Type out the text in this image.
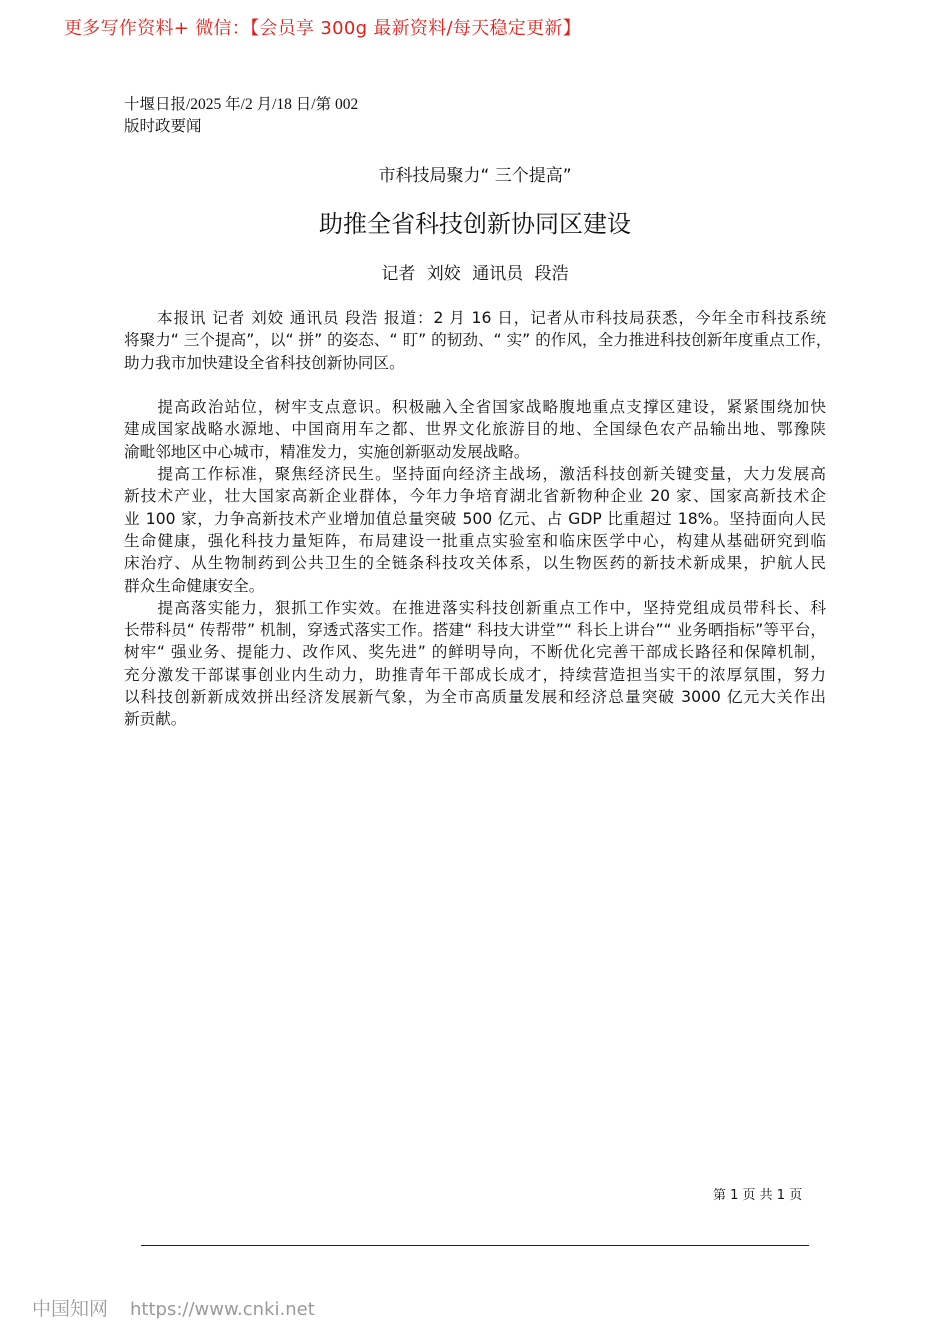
更多写作资料+ 微信：【会员享 300g 最新资料/每天稳定更新】
十堰日报/2025 年/2 月/18 日/第 002
版时政要闻
市科技局聚力“ 三个提高”
助推全省科技创新协同区建设
记者 刘姣 通讯员 段浩
　　本报讯 记者 刘姣 通讯员 段浩 报道：2 月 16 日，记者从市科技局获悉，今年全市科技系统
将聚力“ 三个提高”，以“ 拼” 的姿态、“ 盯” 的韧劲、“ 实” 的作风，全力推进科技创新年度重点工作，
助力我市加快建设全省科技创新协同区。
　　提高政治站位，树牢支点意识。积极融入全省国家战略腹地重点支撑区建设，紧紧围绕加快
建成国家战略水源地、中国商用车之都、世界文化旅游目的地、全国绿色农产品输出地、鄂豫陕
渝毗邻地区中心城市，精准发力，实施创新驱动发展战略。
　　提高工作标准，聚焦经济民生。坚持面向经济主战场，激活科技创新关键变量，大力发展高
新技术产业，壮大国家高新企业群体，今年力争培育湖北省新物种企业 20 家、国家高新技术企
业 100 家，力争高新技术产业增加值总量突破 500 亿元、占 GDP 比重超过 18%。坚持面向人民
生命健康，强化科技力量矩阵，布局建设一批重点实验室和临床医学中心，构建从基础研究到临
床治疗、从生物制药到公共卫生的全链条科技攻关体系，以生物医药的新技术新成果，护航人民
群众生命健康安全。
　　提高落实能力，狠抓工作实效。在推进落实科技创新重点工作中，坚持党组成员带科长、科
长带科员“ 传帮带” 机制，穿透式落实工作。搭建“ 科技大讲堂”“ 科长上讲台”“ 业务晒指标”等平台，
树牢“ 强业务、提能力、改作风、奖先进” 的鲜明导向，不断优化完善干部成长路径和保障机制，
充分激发干部谋事创业内生动力，助推青年干部成长成才，持续营造担当实干的浓厚氛围，努力
以科技创新新成效拼出经济发展新气象，为全市高质量发展和经济总量突破 3000 亿元大关作出
新贡献。
第 1 页 共 1 页
中国知网 https://www.cnki.net
